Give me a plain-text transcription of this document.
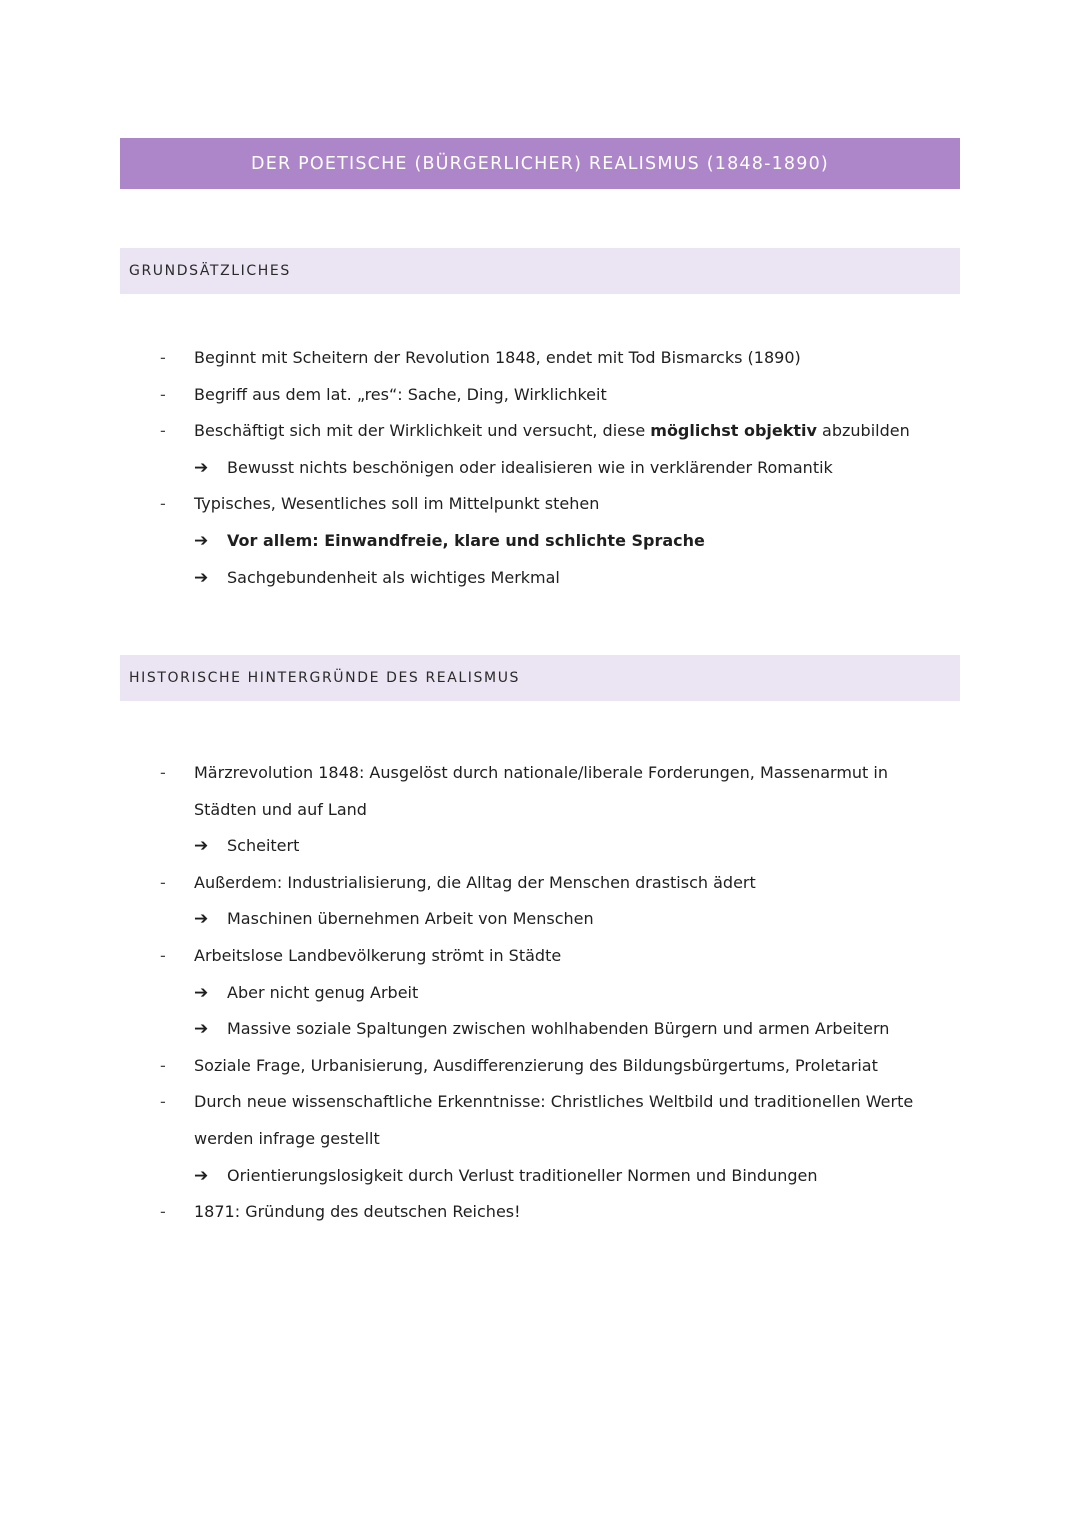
DER POETISCHE (BÜRGERLICHER) REALISMUS (1848-1890)
GRUNDSÄTZLICHES
- Beginnt mit Scheitern der Revolution 1848, endet mit Tod Bismarcks (1890)
- Begriff aus dem lat. „res“: Sache, Ding, Wirklichkeit
- Beschäftigt sich mit der Wirklichkeit und versucht, diese möglichst objektiv abzubilden
➔ Bewusst nichts beschönigen oder idealisieren wie in verklärender Romantik
- Typisches, Wesentliches soll im Mittelpunkt stehen
➔ Vor allem: Einwandfreie, klare und schlichte Sprache
➔ Sachgebundenheit als wichtiges Merkmal
HISTORISCHE HINTERGRÜNDE DES REALISMUS
- Märzrevolution 1848: Ausgelöst durch nationale/liberale Forderungen, Massenarmut in
Städten und auf Land
➔ Scheitert
- Außerdem: Industrialisierung, die Alltag der Menschen drastisch ädert
➔ Maschinen übernehmen Arbeit von Menschen
- Arbeitslose Landbevölkerung strömt in Städte
➔ Aber nicht genug Arbeit
➔ Massive soziale Spaltungen zwischen wohlhabenden Bürgern und armen Arbeitern
- Soziale Frage, Urbanisierung, Ausdifferenzierung des Bildungsbürgertums, Proletariat
- Durch neue wissenschaftliche Erkenntnisse: Christliches Weltbild und traditionellen Werte
werden infrage gestellt
➔ Orientierungslosigkeit durch Verlust traditioneller Normen und Bindungen
- 1871: Gründung des deutschen Reiches!
